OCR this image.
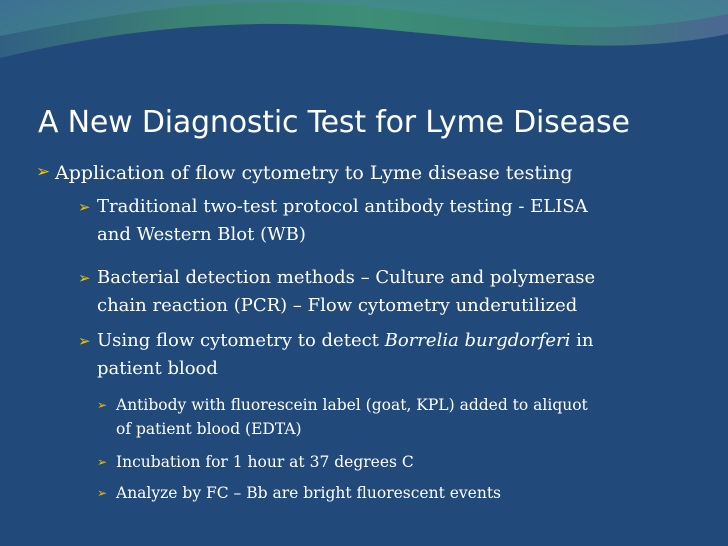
A New Diagnostic Test for Lyme Disease
➢ Application of flow cytometry to Lyme disease testing
➢ Traditional two-test protocol antibody testing - ELISA
and Western Blot (WB)
➢ Bacterial detection methods – Culture and polymerase
chain reaction (PCR) – Flow cytometry underutilized
➢ Using flow cytometry to detect Borrelia burgdorferi in
patient blood
➢ Antibody with fluorescein label (goat, KPL) added to aliquot
of patient blood (EDTA)
➢ Incubation for 1 hour at 37 degrees C
➢ Analyze by FC – Bb are bright fluorescent events
